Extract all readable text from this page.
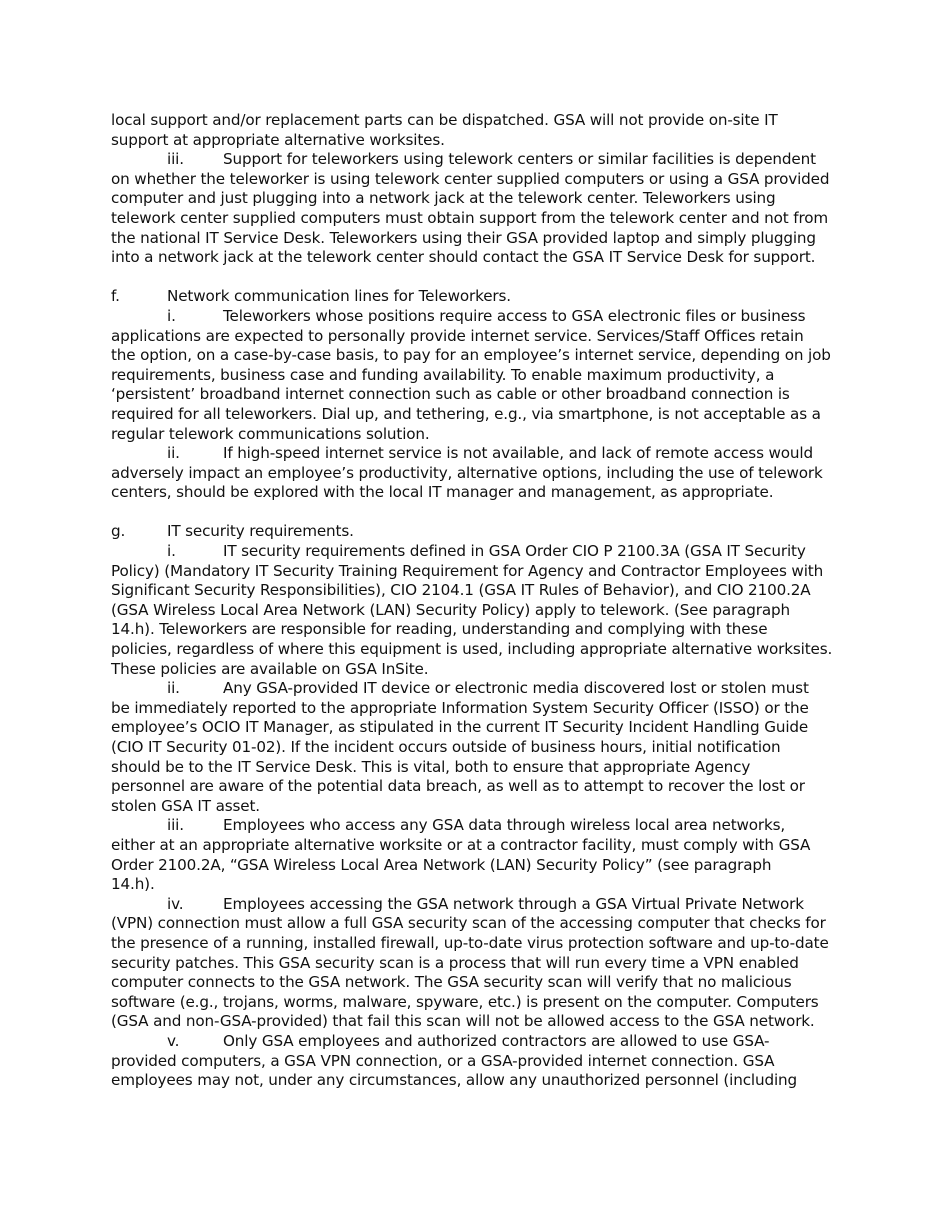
local support and/or replacement parts can be dispatched. GSA will not provide on-site IT
support at appropriate alternative worksites.
iii.	Support for teleworkers using telework centers or similar facilities is dependent
on whether the teleworker is using telework center supplied computers or using a GSA provided
computer and just plugging into a network jack at the telework center. Teleworkers using
telework center supplied computers must obtain support from the telework center and not from
the national IT Service Desk. Teleworkers using their GSA provided laptop and simply plugging
into a network jack at the telework center should contact the GSA IT Service Desk for support.
f.	Network communication lines for Teleworkers.
i.	Teleworkers whose positions require access to GSA electronic files or business
applications are expected to personally provide internet service. Services/Staff Offices retain
the option, on a case-by-case basis, to pay for an employee’s internet service, depending on job
requirements, business case and funding availability. To enable maximum productivity, a
‘persistent’ broadband internet connection such as cable or other broadband connection is
required for all teleworkers. Dial up, and tethering, e.g., via smartphone, is not acceptable as a
regular telework communications solution.
ii.	If high-speed internet service is not available, and lack of remote access would
adversely impact an employee’s productivity, alternative options, including the use of telework
centers, should be explored with the local IT manager and management, as appropriate.
g.	IT security requirements.
i.	IT security requirements defined in GSA Order CIO P 2100.3A (GSA IT Security
Policy) (Mandatory IT Security Training Requirement for Agency and Contractor Employees with
Significant Security Responsibilities), CIO 2104.1 (GSA IT Rules of Behavior), and CIO 2100.2A
(GSA Wireless Local Area Network (LAN) Security Policy) apply to telework. (See paragraph
14.h). Teleworkers are responsible for reading, understanding and complying with these
policies, regardless of where this equipment is used, including appropriate alternative worksites.
These policies are available on GSA InSite.
ii.	Any GSA-provided IT device or electronic media discovered lost or stolen must
be immediately reported to the appropriate Information System Security Officer (ISSO) or the
employee’s OCIO IT Manager, as stipulated in the current IT Security Incident Handling Guide
(CIO IT Security 01-02). If the incident occurs outside of business hours, initial notification
should be to the IT Service Desk. This is vital, both to ensure that appropriate Agency
personnel are aware of the potential data breach, as well as to attempt to recover the lost or
stolen GSA IT asset.
iii.	Employees who access any GSA data through wireless local area networks,
either at an appropriate alternative worksite or at a contractor facility, must comply with GSA
Order 2100.2A, “GSA Wireless Local Area Network (LAN) Security Policy” (see paragraph
14.h).
iv.	Employees accessing the GSA network through a GSA Virtual Private Network
(VPN) connection must allow a full GSA security scan of the accessing computer that checks for
the presence of a running, installed firewall, up-to-date virus protection software and up-to-date
security patches. This GSA security scan is a process that will run every time a VPN enabled
computer connects to the GSA network. The GSA security scan will verify that no malicious
software (e.g., trojans, worms, malware, spyware, etc.) is present on the computer. Computers
(GSA and non-GSA-provided) that fail this scan will not be allowed access to the GSA network.
v.	Only GSA employees and authorized contractors are allowed to use GSA-
provided computers, a GSA VPN connection, or a GSA-provided internet connection. GSA
employees may not, under any circumstances, allow any unauthorized personnel (including
